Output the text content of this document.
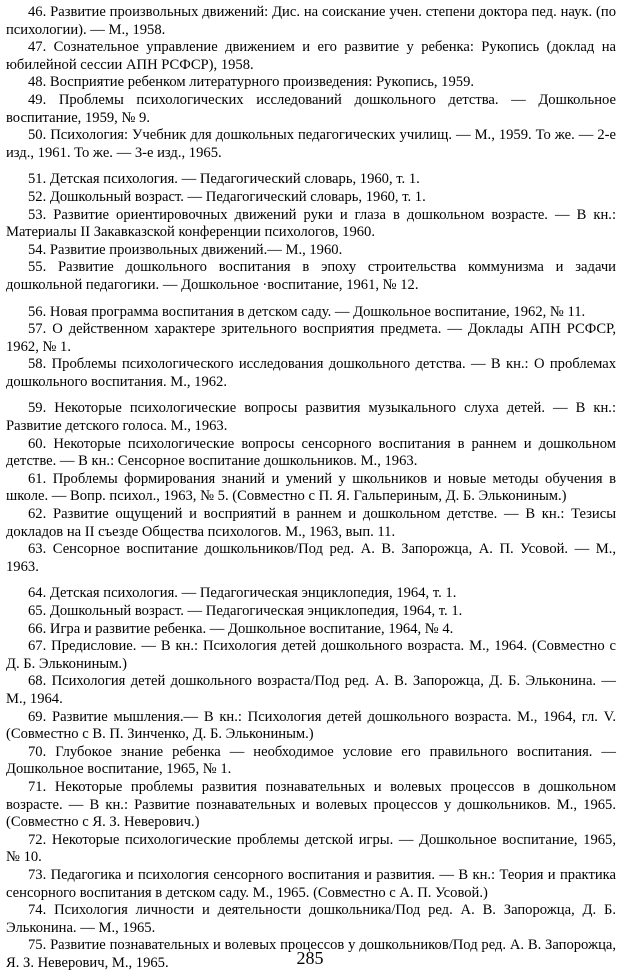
46. Развитие произвольных движений: Дис. на соискание учен. степени доктора пед. наук. (по психологии). — М., 1958.

47. Сознательное управление движением и его развитие у ребенка: Рукопись (доклад на юбилейной сессии АПН РСФСР), 1958.

48. Восприятие ребенком литературного произведения: Рукопись, 1959.

49. Проблемы психологических исследований дошкольного детства. — Дошкольное воспитание, 1959, № 9.

50. Психология: Учебник для дошкольных педагогических училищ. — М., 1959. То же. — 2-е изд., 1961. То же. — 3-е изд., 1965.

51. Детская психология. — Педагогический словарь, 1960, т. 1.

52. Дошкольный возраст. — Педагогический словарь, 1960, т. 1.

53. Развитие ориентировочных движений руки и глаза в дошкольном возрасте. — В кн.: Материалы II Закавказской конференции психологов, 1960.

54. Развитие произвольных движений.— М., 1960.

55. Развитие дошкольного воспитания в эпоху строительства коммунизма и задачи дошкольной педагогики. — Дошкольное ·воспитание, 1961, № 12.

56. Новая программа воспитания в детском саду. — Дошкольное воспитание, 1962, № 11.

57. О действенном характере зрительного восприятия предмета. — Доклады АПН РСФСР, 1962, № 1.

58. Проблемы психологического исследования дошкольного детства. — В кн.: О проблемах дошкольного воспитания. М., 1962.

59. Некоторые психологические вопросы развития музыкального слуха детей. — В кн.: Развитие детского голоса. М., 1963.

60. Некоторые психологические вопросы сенсорного воспитания в раннем и дошкольном детстве. — В кн.: Сенсорное воспитание дошкольников. М., 1963.

61. Проблемы формирования знаний и умений у школьников и новые методы обучения в школе. — Вопр. психол., 1963, № 5. (Совместно с П. Я. Гальпериным, Д. Б. Элькониным.)

62. Развитие ощущений и восприятий в раннем и дошкольном детстве. — В кн.: Тезисы докладов на II съезде Общества психологов. М., 1963, вып. 11.

63. Сенсорное воспитание дошкольников/Под ред. А. В. Запорожца, А. П. Усовой. — М., 1963.

64. Детская психология. — Педагогическая энциклопедия, 1964, т. 1.

65. Дошкольный возраст. — Педагогическая энциклопедия, 1964, т. 1.

66. Игра и развитие ребенка. — Дошкольное воспитание, 1964, № 4.

67. Предисловие. — В кн.: Психология детей дошкольного возраста. М., 1964. (Совместно с Д. Б. Элькониным.)

68. Психология детей дошкольного возраста/Под ред. А. В. Запорожца, Д. Б. Эльконина. — М., 1964.

69. Развитие мышления.— В кн.: Психология детей дошкольного возраста. М., 1964, гл. V. (Совместно с В. П. Зинченко, Д. Б. Элькониным.)

70. Глубокое знание ребенка — необходимое условие его правильного воспитания. — Дошкольное воспитание, 1965, № 1.

71. Некоторые проблемы развития познавательных и волевых процессов в дошкольном возрасте. — В кн.: Развитие познавательных и волевых процессов у дошкольников. М., 1965. (Совместно с Я. З. Неверович.)

72. Некоторые психологические проблемы детской игры. — Дошкольное воспитание, 1965, № 10.

73. Педагогика и психология сенсорного воспитания и развития. — В кн.: Теория и практика сенсорного воспитания в детском саду. М., 1965. (Совместно с А. П. Усовой.)

74. Психология личности и деятельности дошкольника/Под ред. А. В. Запорожца, Д. Б. Эльконина. — М., 1965.

75. Развитие познавательных и волевых процессов у дошкольников/Под ред. А. В. Запорожца, Я. З. Неверович, М., 1965.	285
